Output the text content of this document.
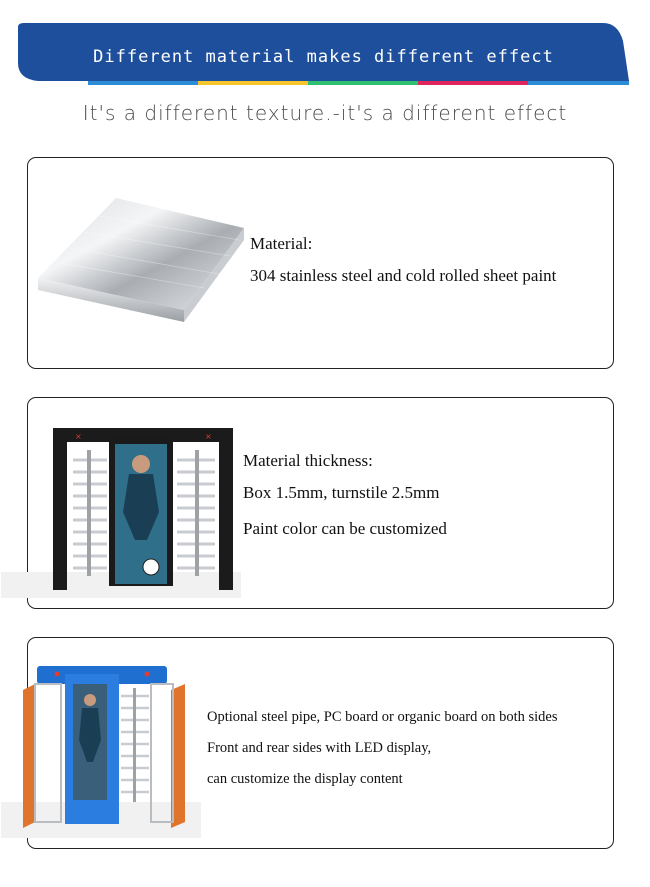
Different material makes different effect
It's a different texture.-it's a different effect
Material:
304 stainless steel and cold rolled sheet paint
×	×
Material thickness:
Box 1.5mm, turnstile 2.5mm
Paint color can be customized
Optional steel pipe, PC board or organic board on both sides
Front and rear sides with LED display,
can customize the display content
